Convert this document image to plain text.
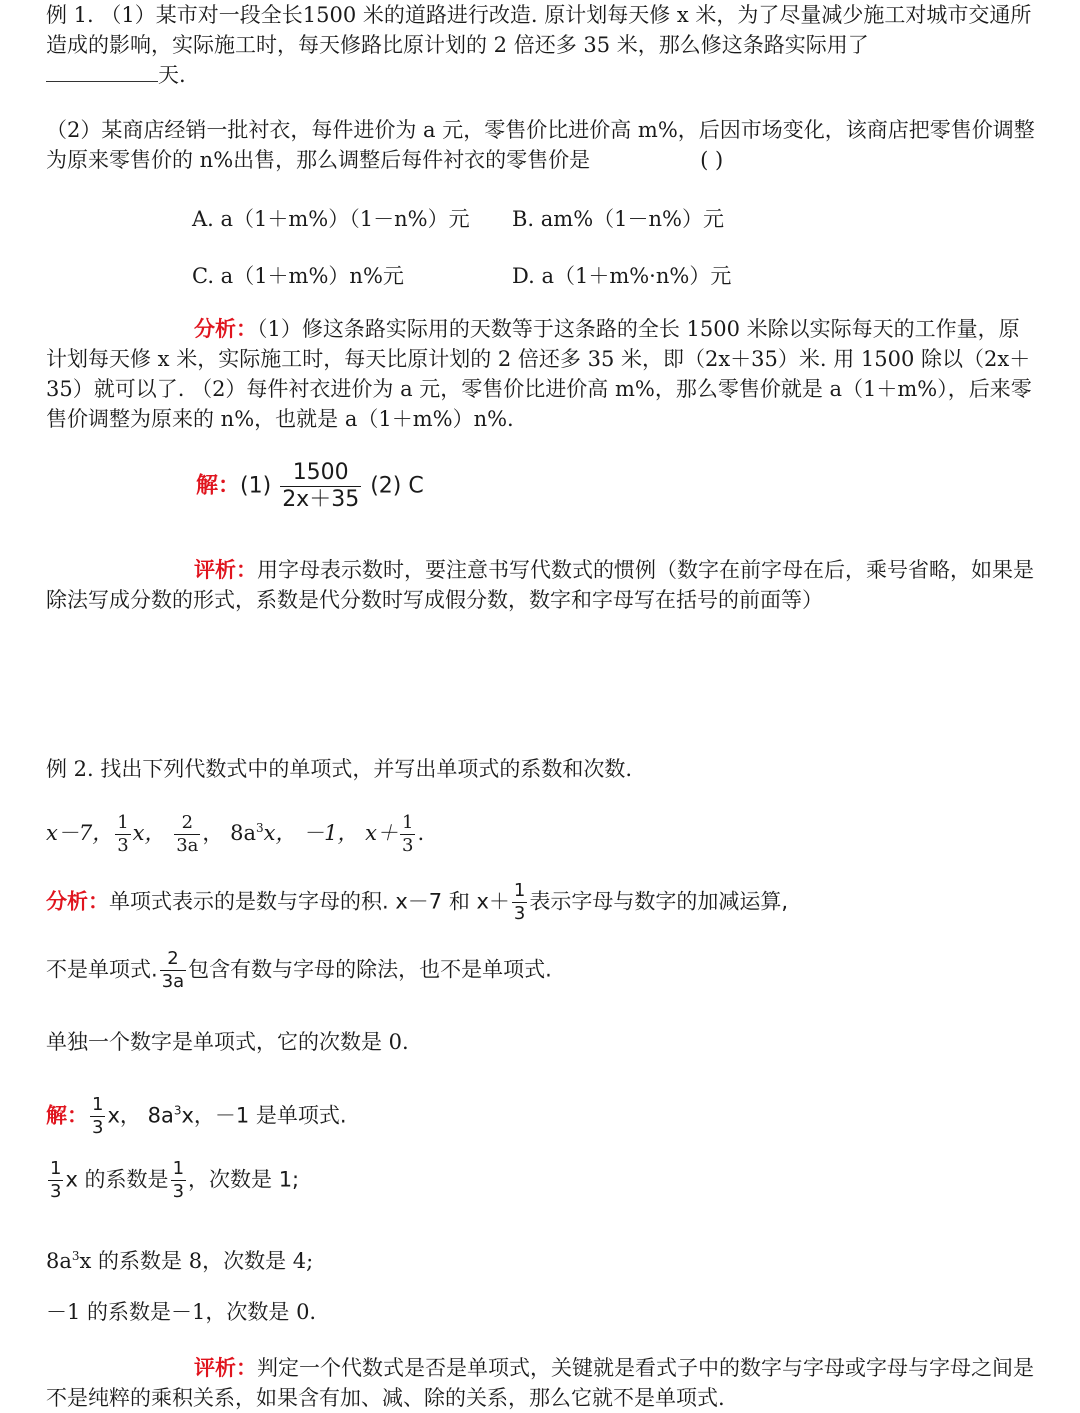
例 1. （1）某市对一段全长1500 米的道路进行改造. 原计划每天修 x 米，为了尽量减少施工对城市交通所造成的影响，实际施工时，每天修路比原计划的 2 倍还多 35 米，那么修这条路实际用了
天.

（2）某商店经销一批衬衣，每件进价为 a 元，零售价比进价高 m%，后因市场变化，该商店把零售价调整为原来零售价的 n%出售，那么调整后每件衬衣的零售价是	( )

A. a（1＋m%）（1－n%）元 B. am%（1－n%）元
C. a（1＋m%）n%元	D. a（1＋m%·n%）元

分析：（1）修这条路实际用的天数等于这条路的全长 1500 米除以实际每天的工作量，原计划每天修 x 米，实际施工时，每天比原计划的 2 倍还多 35 米，即（2x＋35）米. 用 1500 除以（2x＋35）就可以了. （2）每件衬衣进价为 a 元，零售价比进价高 m%，那么零售价就是 a（1＋m%），后来零售价调整为原来的 n%，也就是 a（1＋m%）n%.

解：$(1) \frac{1500}{2x+35} (2)$ C

评析：用字母表示数时，要注意书写代数式的惯例（数字在前字母在后，乘号省略，如果是除法写成分数的形式，系数是代分数时写成假分数，数字和字母写在括号的前面等）

例 2. 找出下列代数式中的单项式，并写出单项式的系数和次数.

x－7， $\frac{1}{3}$ x， $\frac{2}{3a}$ ， $8a^3x$， －1， $x+ \frac{1}{3}$ .
分析：单项式表示的是数与字母的积. x－7 和 $x+ \frac{1}{3}$ 表示字母与数字的加减运算,
不是单项式. $\frac{2}{3a}$ 包含有数与字母的除法，也不是单项式.

单独一个数字是单项式，它的次数是 0.

解： $\frac{1}{3}$ x， $8a^3x$，－1 是单项式.
$\frac{1}{3}$ x 的系数是 $\frac{1}{3}$ ，次数是 1;

$8a^3x$ 的系数是 8，次数是 4;

－1 的系数是－1，次数是 0.

评析：判定一个代数式是否是单项式，关键就是看式子中的数字与字母或字母与字母之间是不是纯粹的乘积关系，如果含有加、减、除的关系，那么它就不是单项式.
